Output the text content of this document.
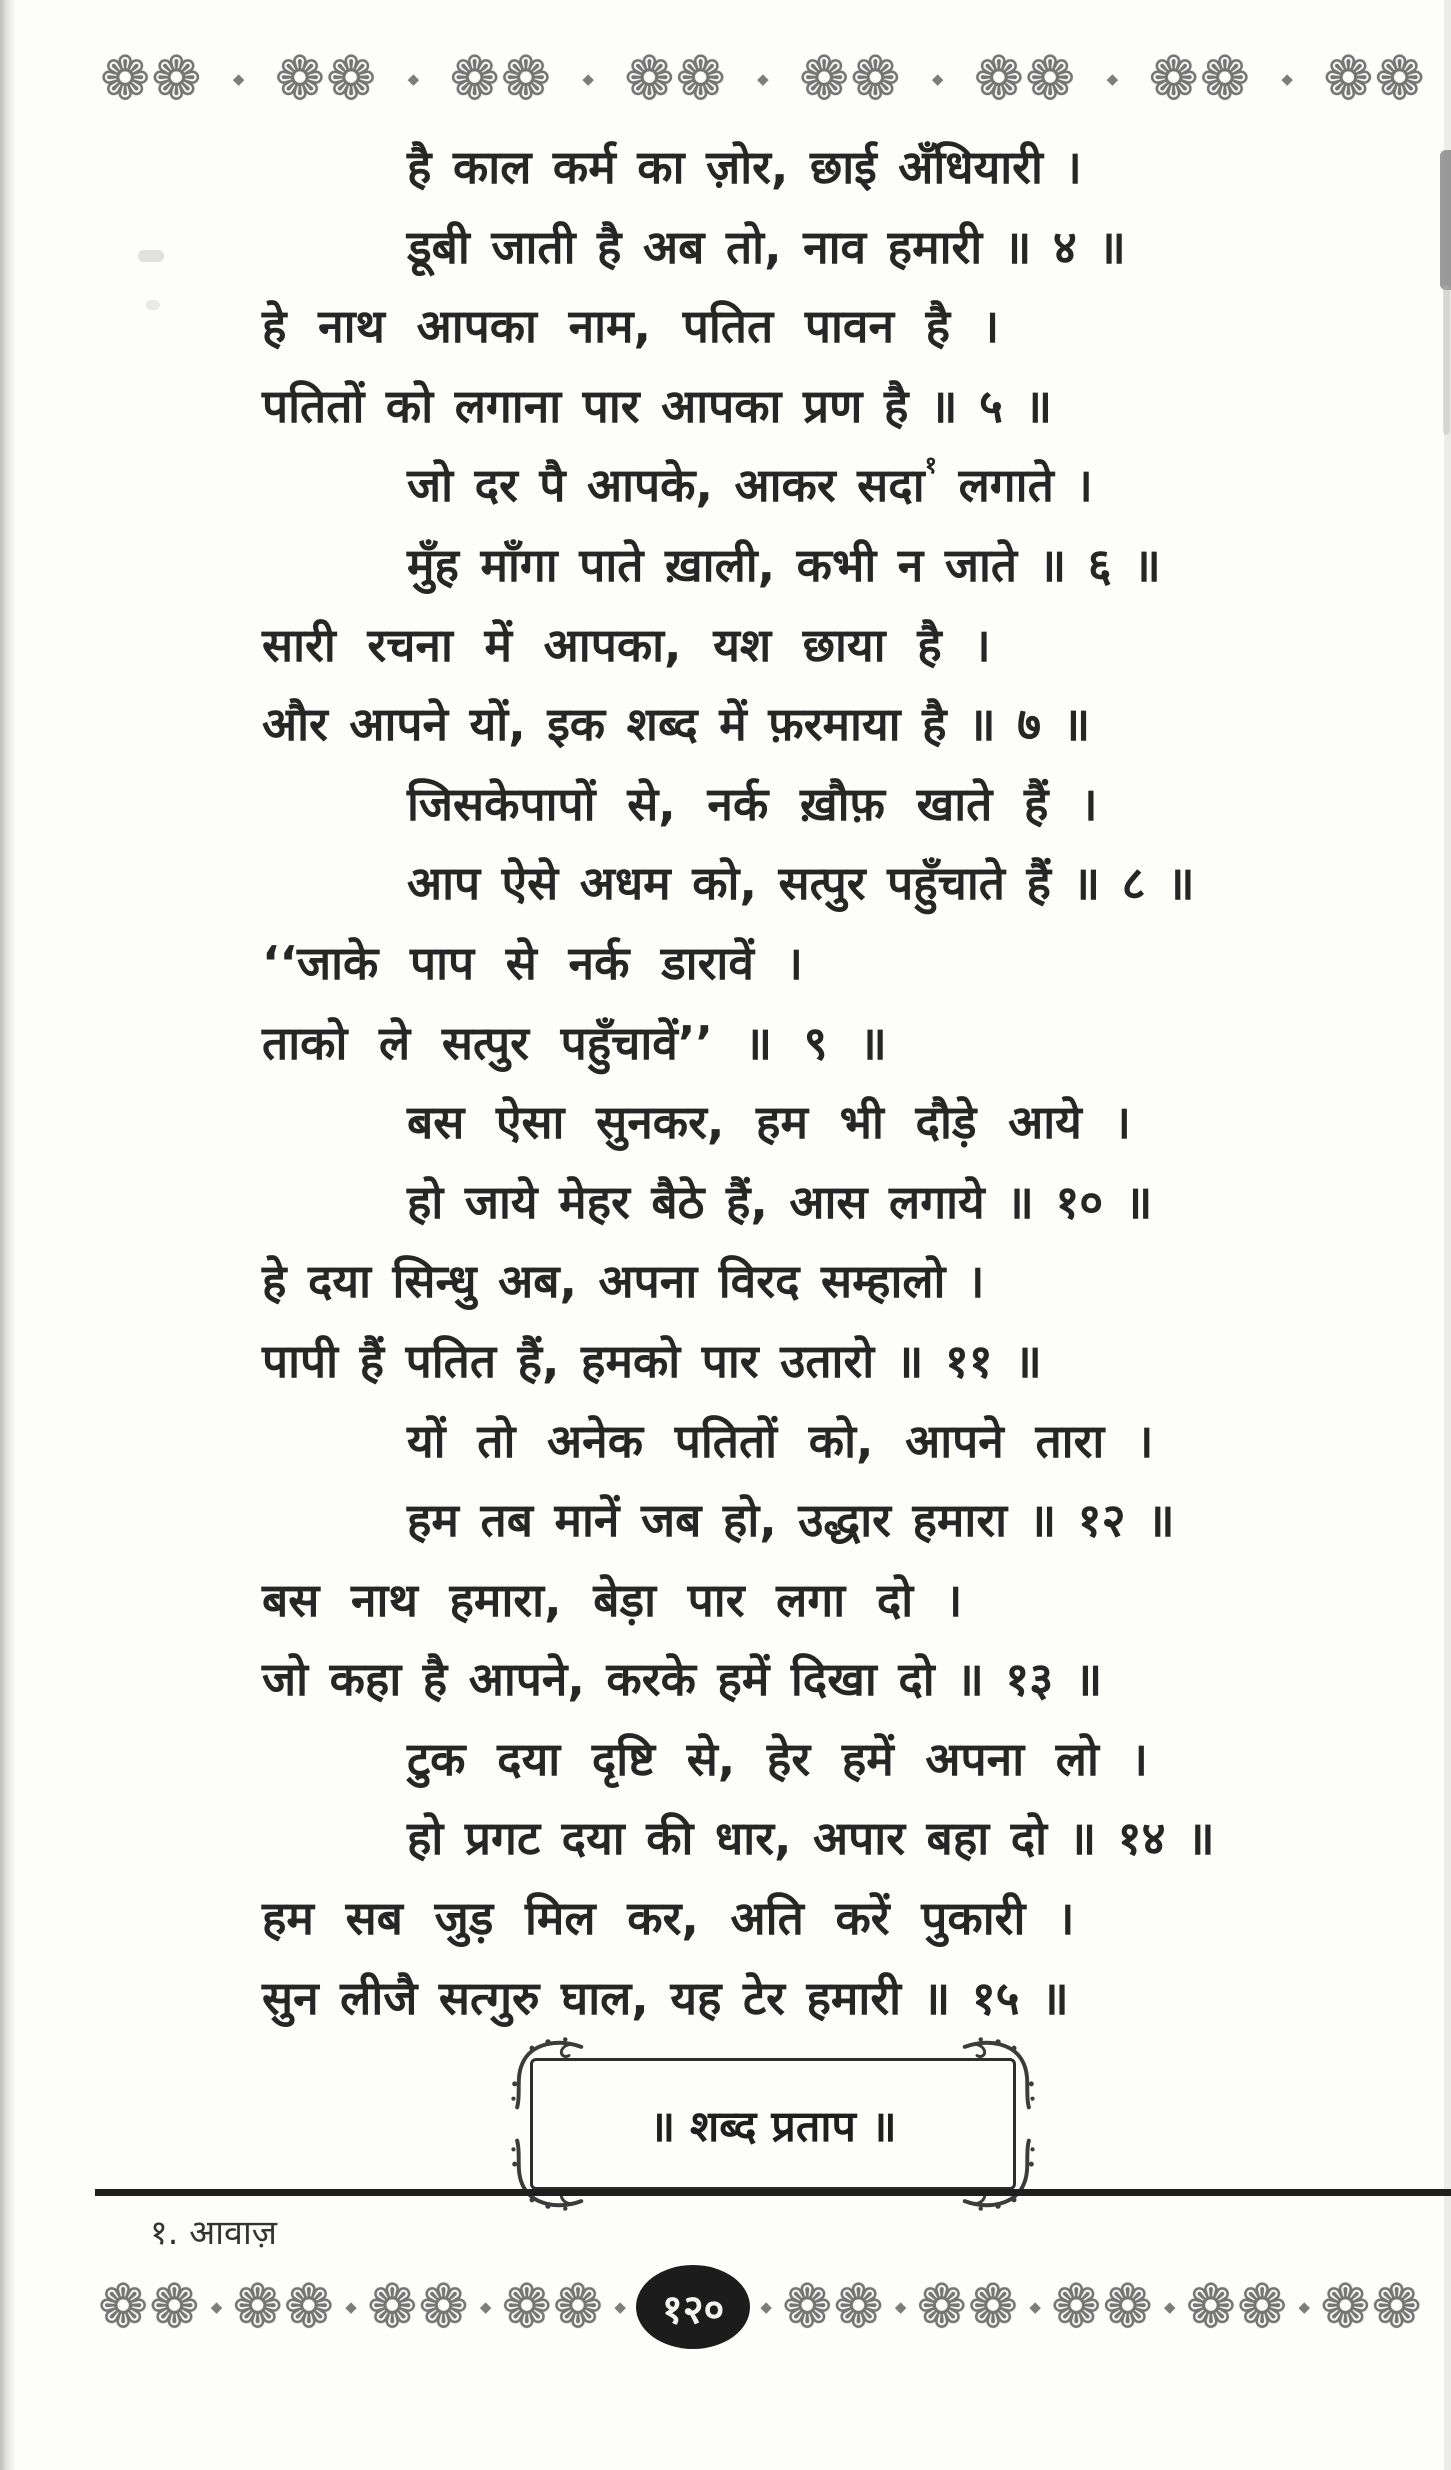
❁❁ ◆ ❁❁ ◆ ❁❁ ◆ ❁❁ ◆ ❁❁ ◆ ❁❁ ◆ ❁❁ ◆ ❁❁
है काल कर्म का ज़ोर, छाई अँधियारी ।
डूबी जाती है अब तो, नाव हमारी ॥ ४ ॥
हे नाथ आपका नाम, पतित पावन है ।
पतितों को लगाना पार आपका प्रण है ॥ ५ ॥
जो दर पै आपके, आकर सदा$^१$ लगाते ।
मुँह माँगा पाते ख़ाली, कभी न जाते ॥ ६ ॥
सारी रचना में आपका, यश छाया है ।
और आपने यों, इक शब्द में फ़रमाया है ॥ ७ ॥
जिसकेपापों से, नर्क ख़ौफ़ खाते हैं ।
आप ऐसे अधम को, सत्पुर पहुँचाते हैं ॥ ८ ॥
‘‘जाके पाप से नर्क डारावें ।
ताको ले सत्पुर पहुँचावें’’ ॥ ९ ॥
बस ऐसा सुनकर, हम भी दौड़े आये ।
हो जाये मेहर बैठे हैं, आस लगाये ॥ १० ॥
हे दया सिन्धु अब, अपना विरद सम्हालो ।
पापी हैं पतित हैं, हमको पार उतारो ॥ ११ ॥
यों तो अनेक पतितों को, आपने तारा ।
हम तब मानें जब हो, उद्धार हमारा ॥ १२ ॥
बस नाथ हमारा, बेड़ा पार लगा दो ।
जो कहा है आपने, करके हमें दिखा दो ॥ १३ ॥
टुक दया दृष्टि से, हेर हमें अपना लो ।
हो प्रगट दया की धार, अपार बहा दो ॥ १४ ॥
हम सब जुड़ मिल कर, अति करें पुकारी ।
सुन लीजै सत्गुरु घाल, यह टेर हमारी ॥ १५ ॥
॥ शब्द प्रताप ॥
१. आवाज़
❁❁ ◆ ❁❁ ◆ ❁❁ ◆ ❁❁ ◆ १२० ◆ ❁❁ ◆ ❁❁ ◆ ❁❁ ◆ ❁❁ ◆ ❁❁
